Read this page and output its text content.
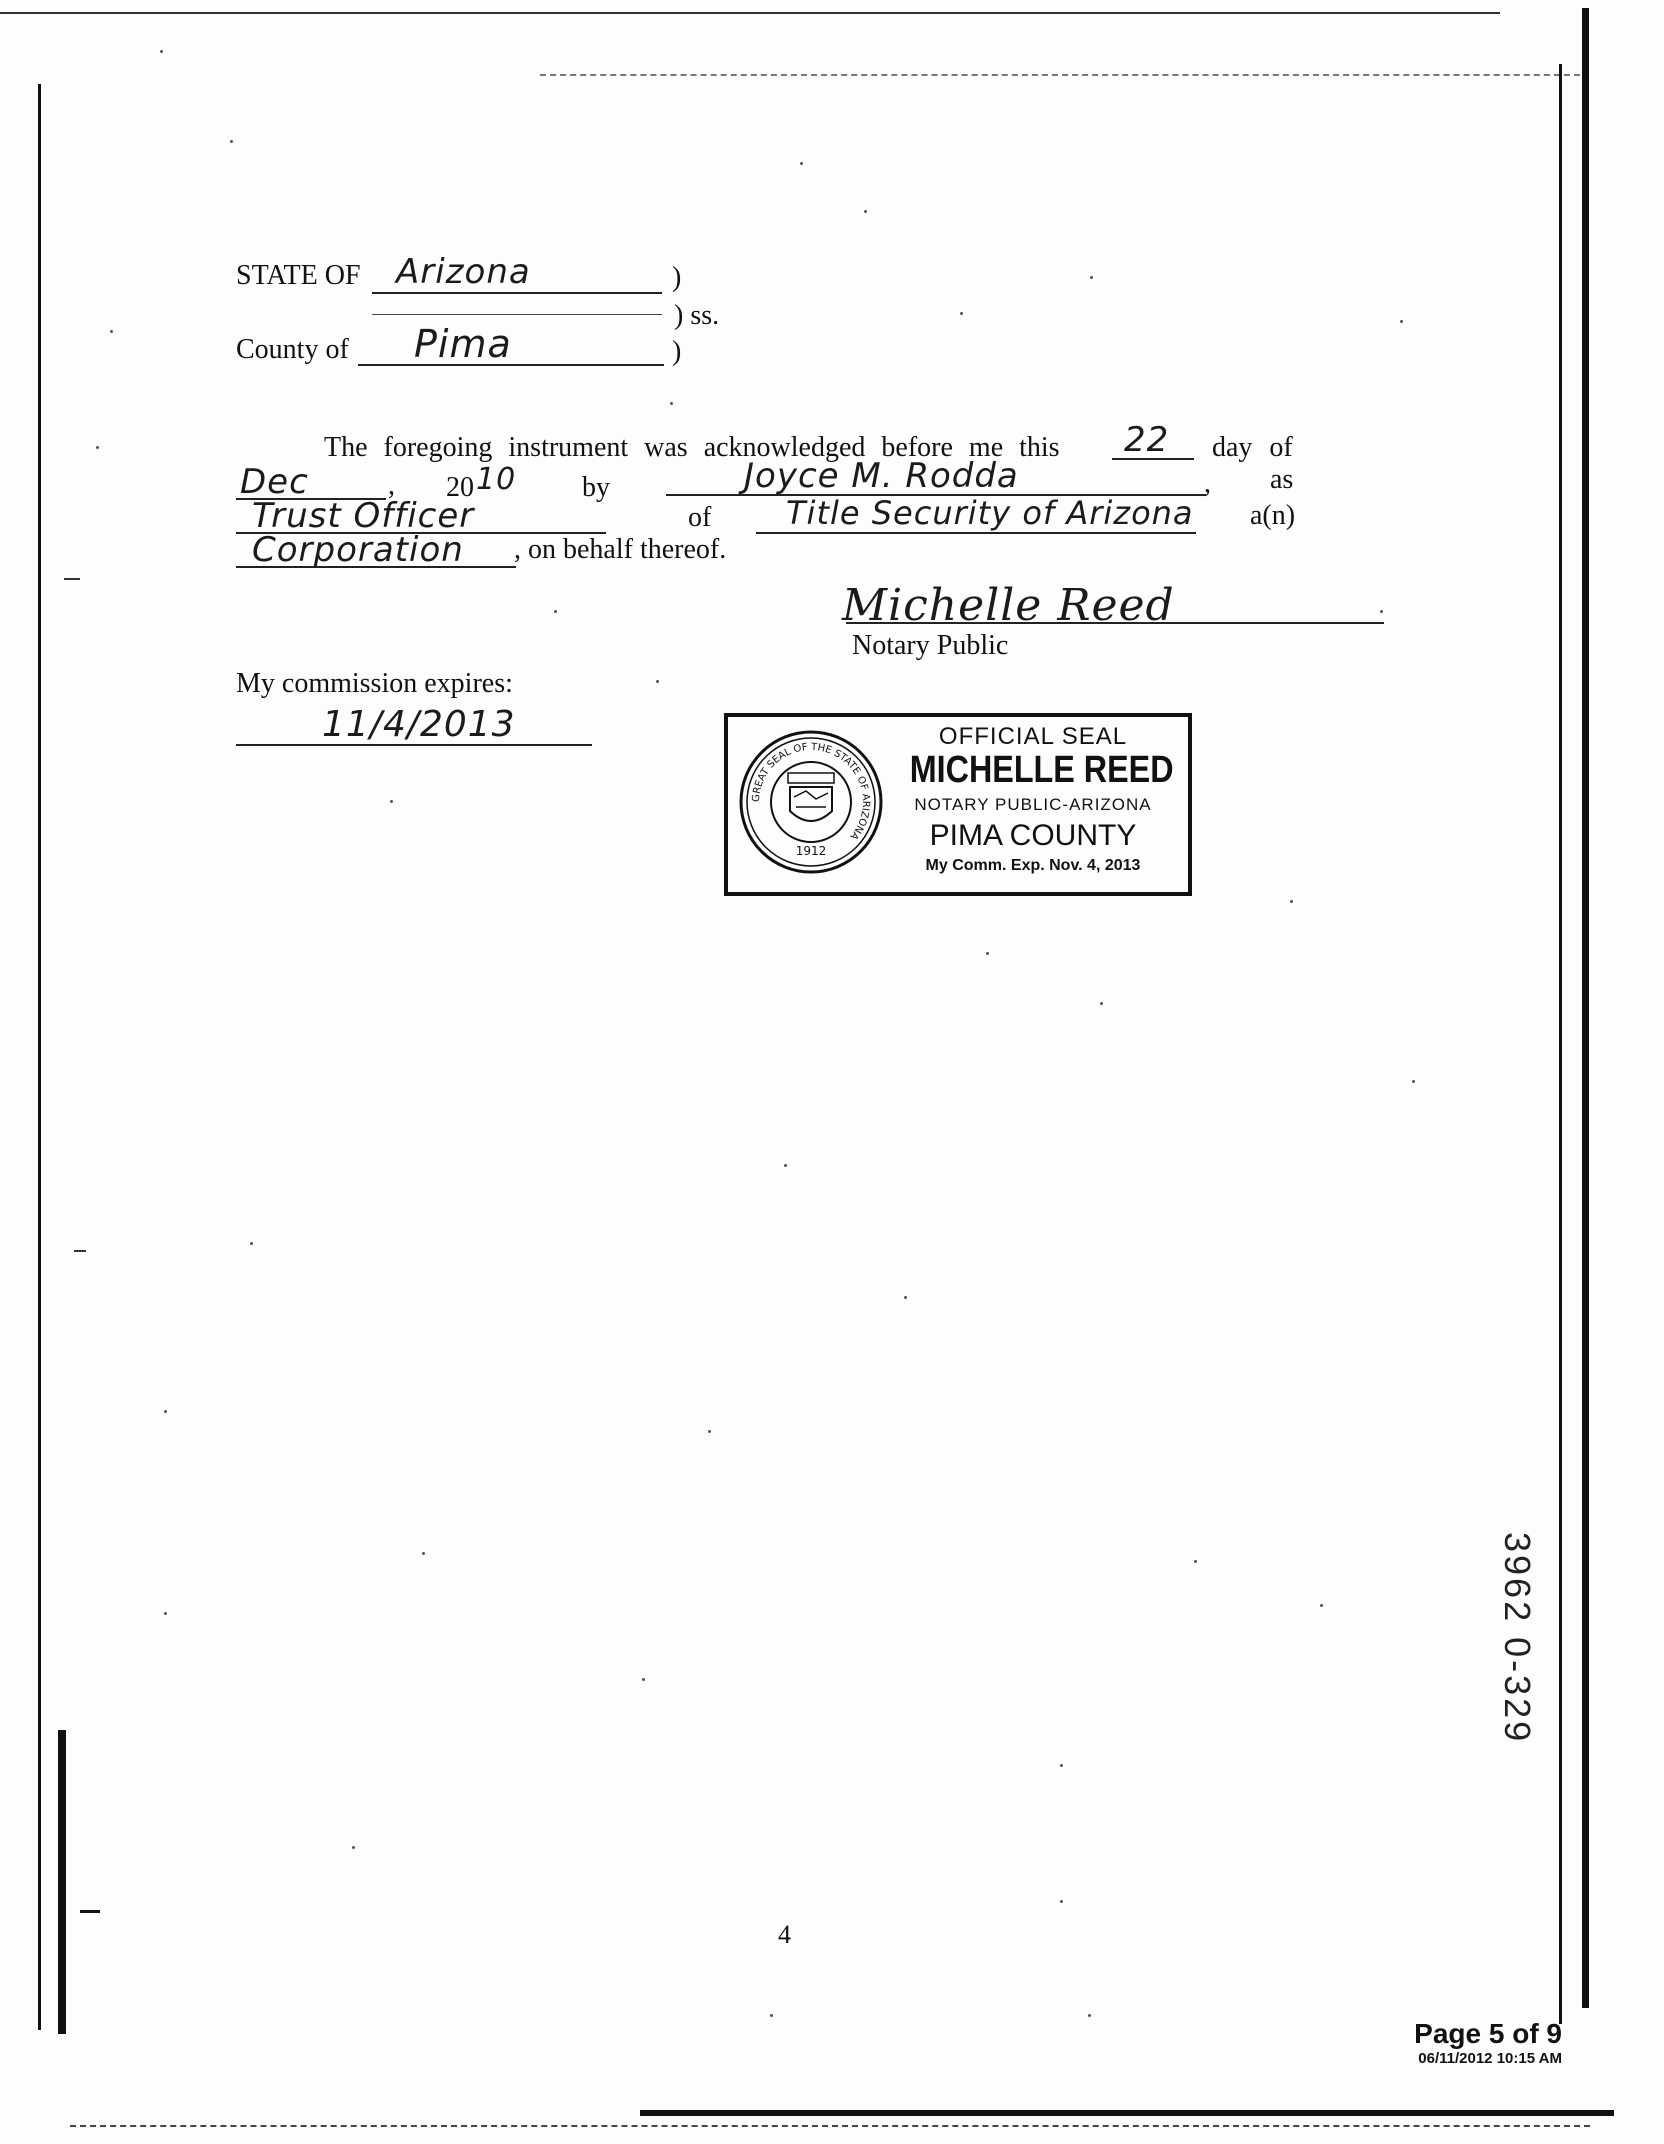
STATE OF Arizona	)
) ss.
County of Pima	)
The foregoing instrument was acknowledged before me this 22 day of
Dec	, 20 10 by	Joyce M. Rodda	, as
Trust Officer	of Title Security of Arizona a(n)
Corporation , on behalf thereof.
Michelle Reed
Notary Public
My commission expires:
11/4/2013
GREAT SEAL OF THE STATE OF ARIZONA
1912
OFFICIAL SEAL
MICHELLE REED
NOTARY PUBLIC-ARIZONA
PIMA COUNTY
My Comm. Exp. Nov. 4, 2013
3962 0-329
4
Page 5 of 9
06/11/2012 10:15 AM
